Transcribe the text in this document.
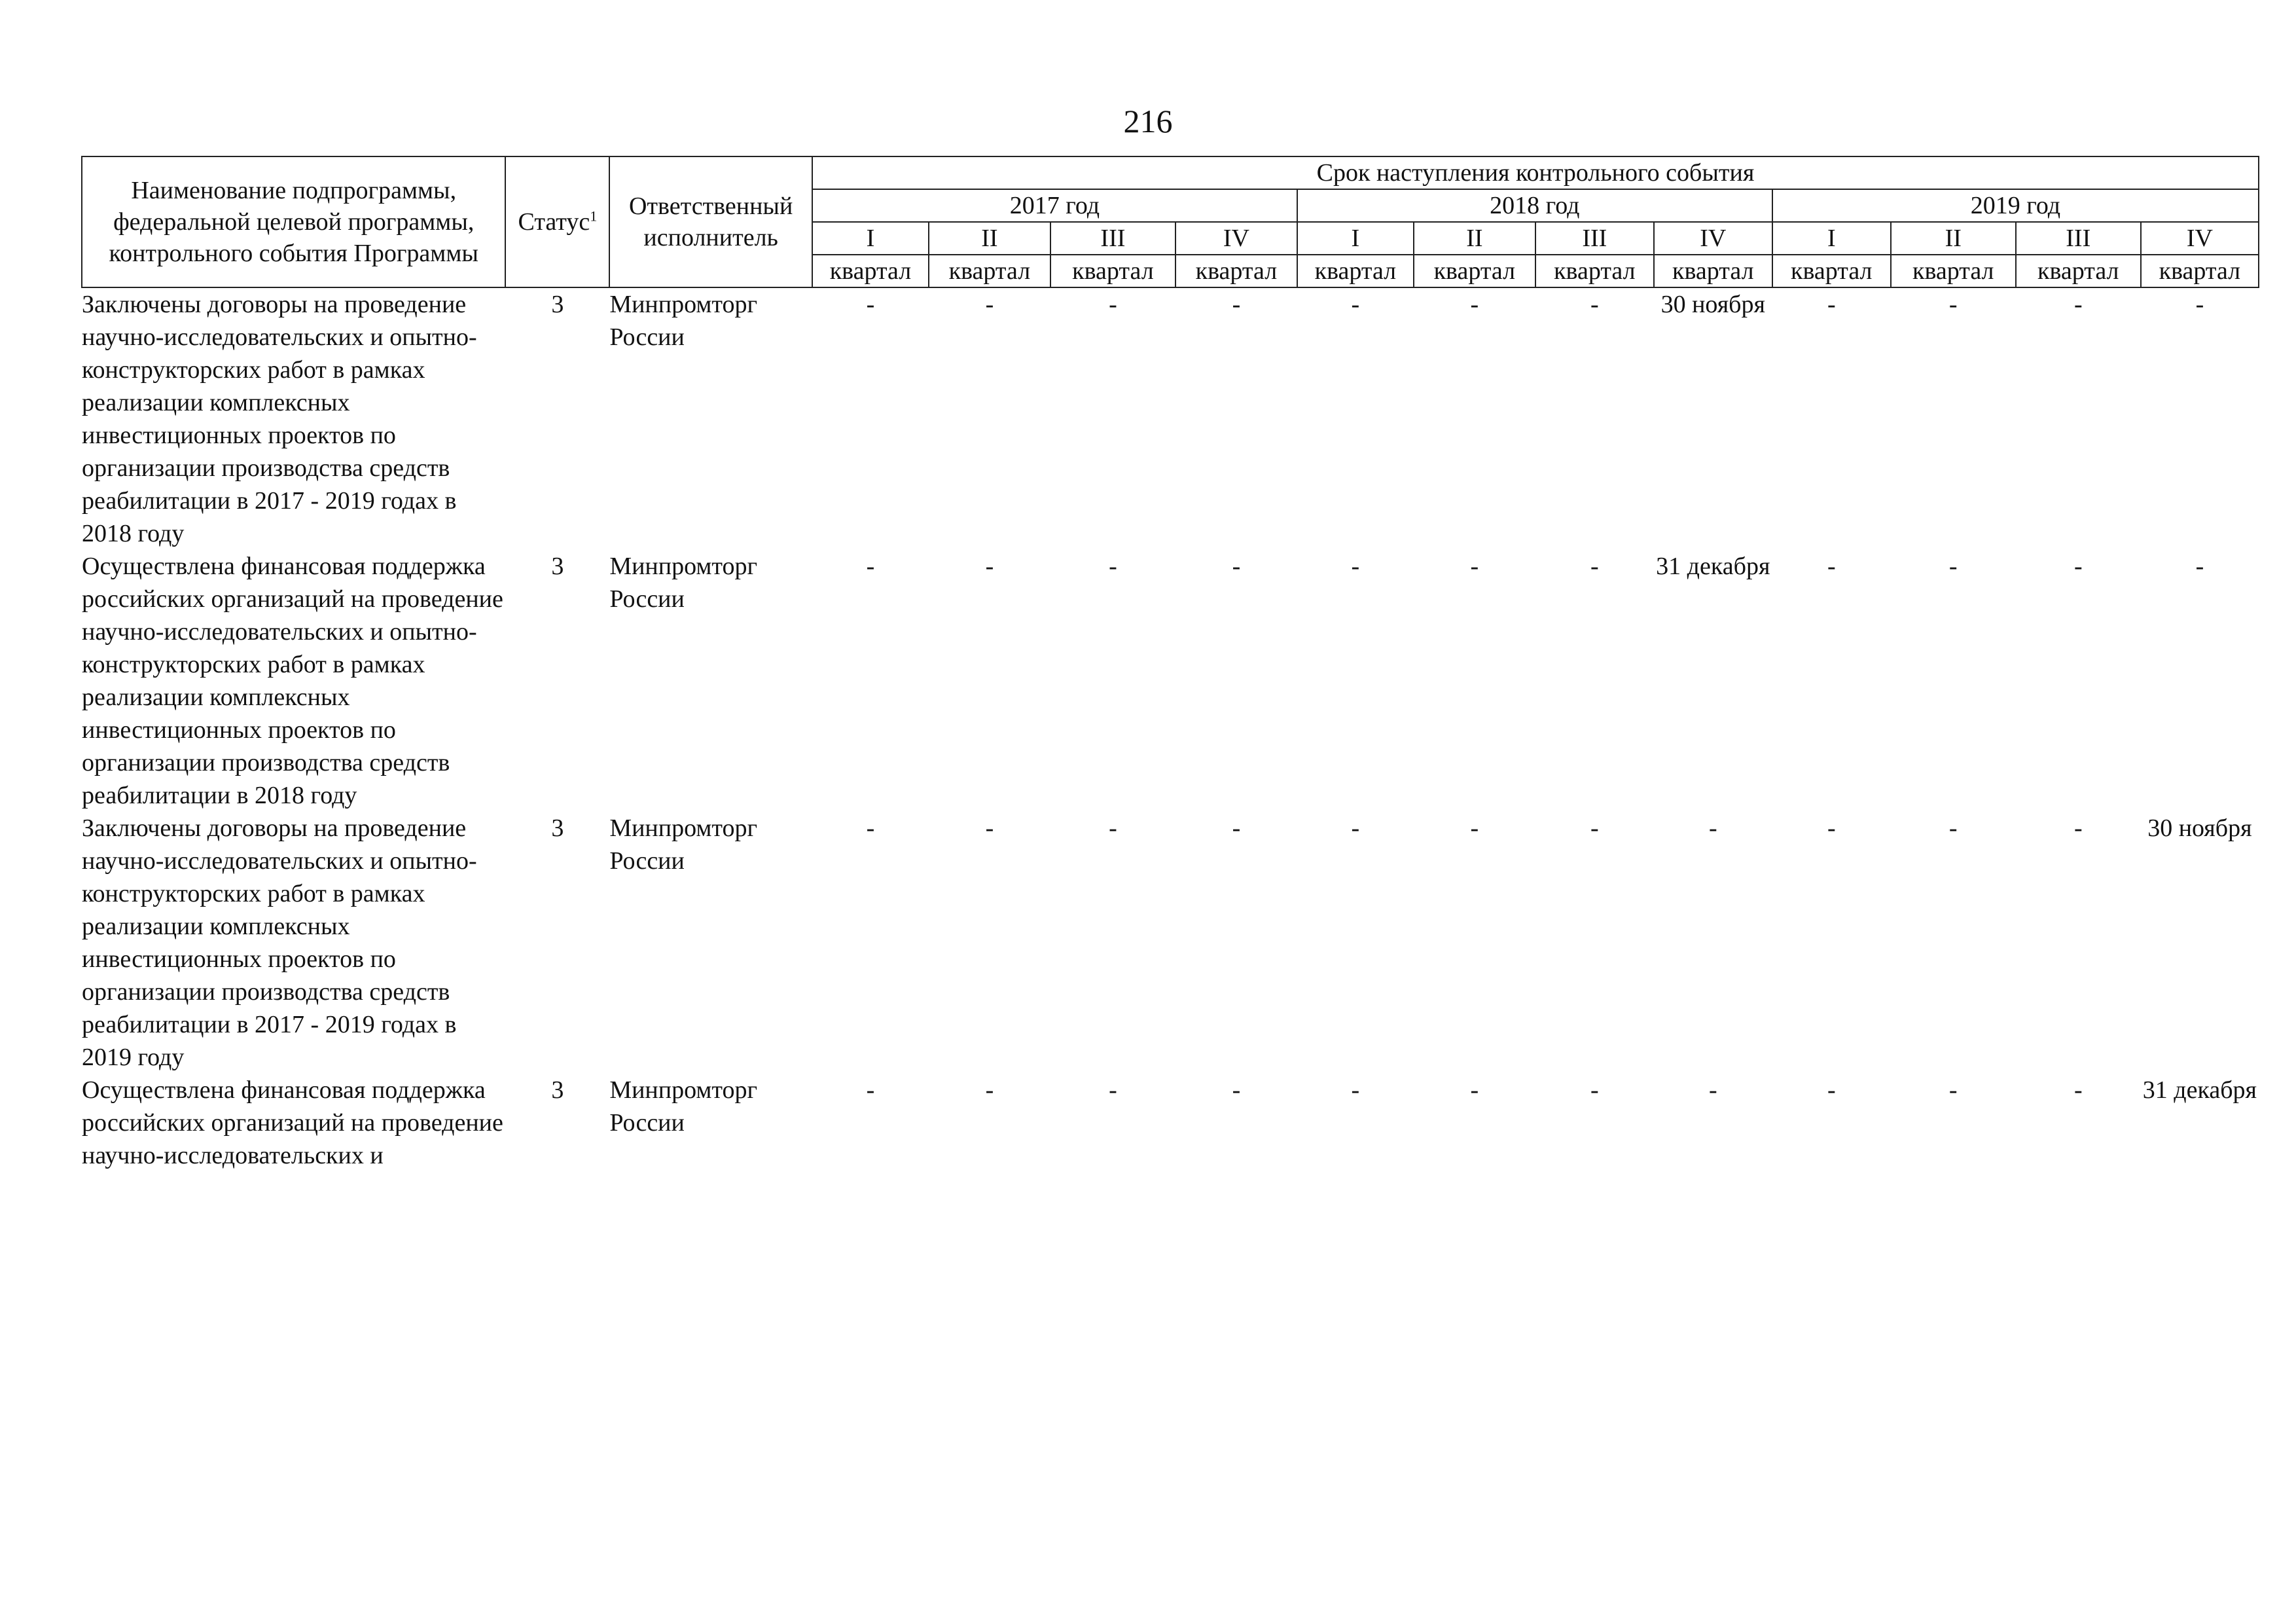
216
Наименование подпрограммы, федеральной целевой программы, контрольного события Программы	Статус$^1$	Ответственный исполнитель	Срок наступления контрольного события											
			2017 год				2018 год				2019 год			
			I	II	III	IV	I	II	III	IV	I	II	III	IV
			квартал	квартал	квартал	квартал	квартал	квартал	квартал	квартал	квартал	квартал	квартал	квартал
Заключены договоры на проведение научно-исследовательских и опытно-конструкторских работ в рамках реализации комплексных инвестиционных проектов по организации производства средств реабилитации в 2017 - 2019 годах в 2018 году	3	Минпромторг России	-	-	-	-	-	-	-	30 ноября	-	-	-	-
Осуществлена финансовая поддержка российских организаций на проведение научно-исследовательских и опытно-конструкторских работ в рамках реализации комплексных инвестиционных проектов по организации производства средств реабилитации в 2018 году	3	Минпромторг России	-	-	-	-	-	-	-	31 декабря	-	-	-	-
Заключены договоры на проведение научно-исследовательских и опытно-конструкторских работ в рамках реализации комплексных инвестиционных проектов по организации производства средств реабилитации в 2017 - 2019 годах в 2019 году	3	Минпромторг России	-	-	-	-	-	-	-	-	-	-	-	30 ноября
Осуществлена финансовая поддержка российских организаций на проведение научно-исследовательских и	3	Минпромторг России	-	-	-	-	-	-	-	-	-	-	-	31 декабря
